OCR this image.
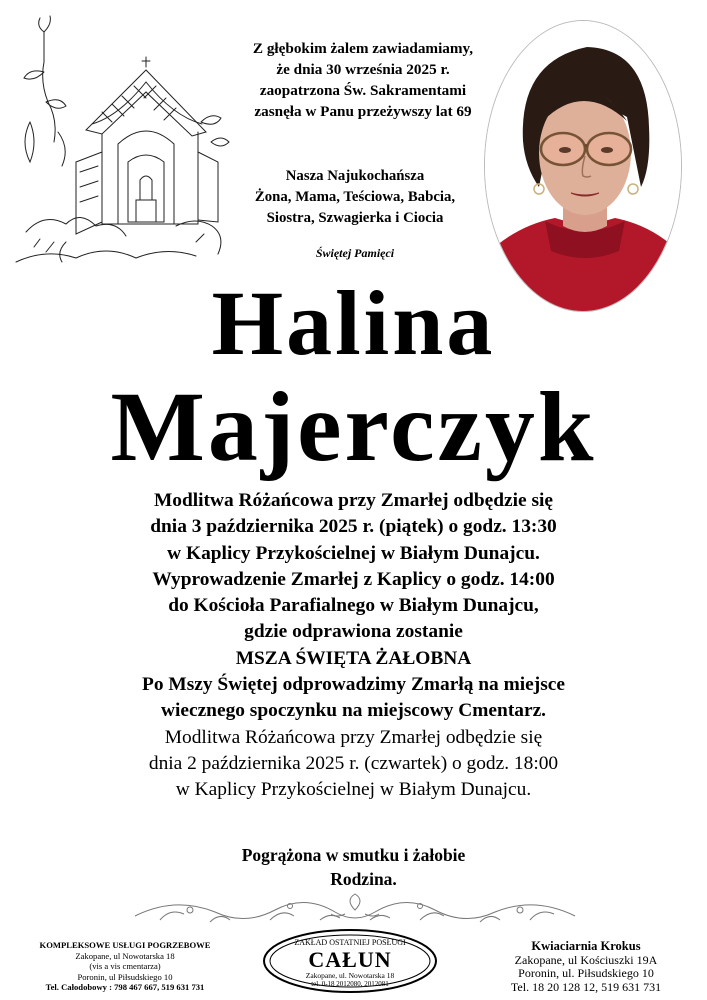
Z głębokim żalem zawiadamiamy,
że dnia 30 września 2025 r.
zaopatrzona Św. Sakramentami
zasnęła w Panu przeżywszy lat 69
Nasza Najukochańsza
Żona, Mama, Teściowa, Babcia,
Siostra, Szwagierka i Ciocia
Świętej Pamięci
Halina
Majerczyk
Modlitwa Różańcowa przy Zmarłej odbędzie się
dnia 3 października 2025 r. (piątek) o godz. 13:30
w Kaplicy Przykościelnej w Białym Dunajcu.
Wyprowadzenie Zmarłej z Kaplicy o godz. 14:00
do Kościoła Parafialnego w Białym Dunajcu,
gdzie odprawiona zostanie
MSZA ŚWIĘTA ŻAŁOBNA
Po Mszy Świętej odprowadzimy Zmarłą na miejsce
wiecznego spoczynku na miejscowy Cmentarz.
Modlitwa Różańcowa przy Zmarłej odbędzie się
dnia 2 października 2025 r. (czwartek) o godz. 18:00
w Kaplicy Przykościelnej w Białym Dunajcu.
Pogrążona w smutku i żałobie
Rodzina.
KOMPLEKSOWE USŁUGI POGRZEBOWE
Zakopane, ul Nowotarska 18
(vis a vis cmentarza)
Poronin, ul Piłsudskiego 10
Tel. Całodobowy : 798 467 667, 519 631 731
ZAKŁAD OSTATNIEJ POSŁUGI
CAŁUN
Zakopane, ul. Nowotarska 18
tel. 0-18 2012080, 2012081
Kwiaciarnia Krokus
Zakopane, ul Kościuszki 19A
Poronin, ul. Piłsudskiego 10
Tel. 18 20 128 12, 519 631 731
